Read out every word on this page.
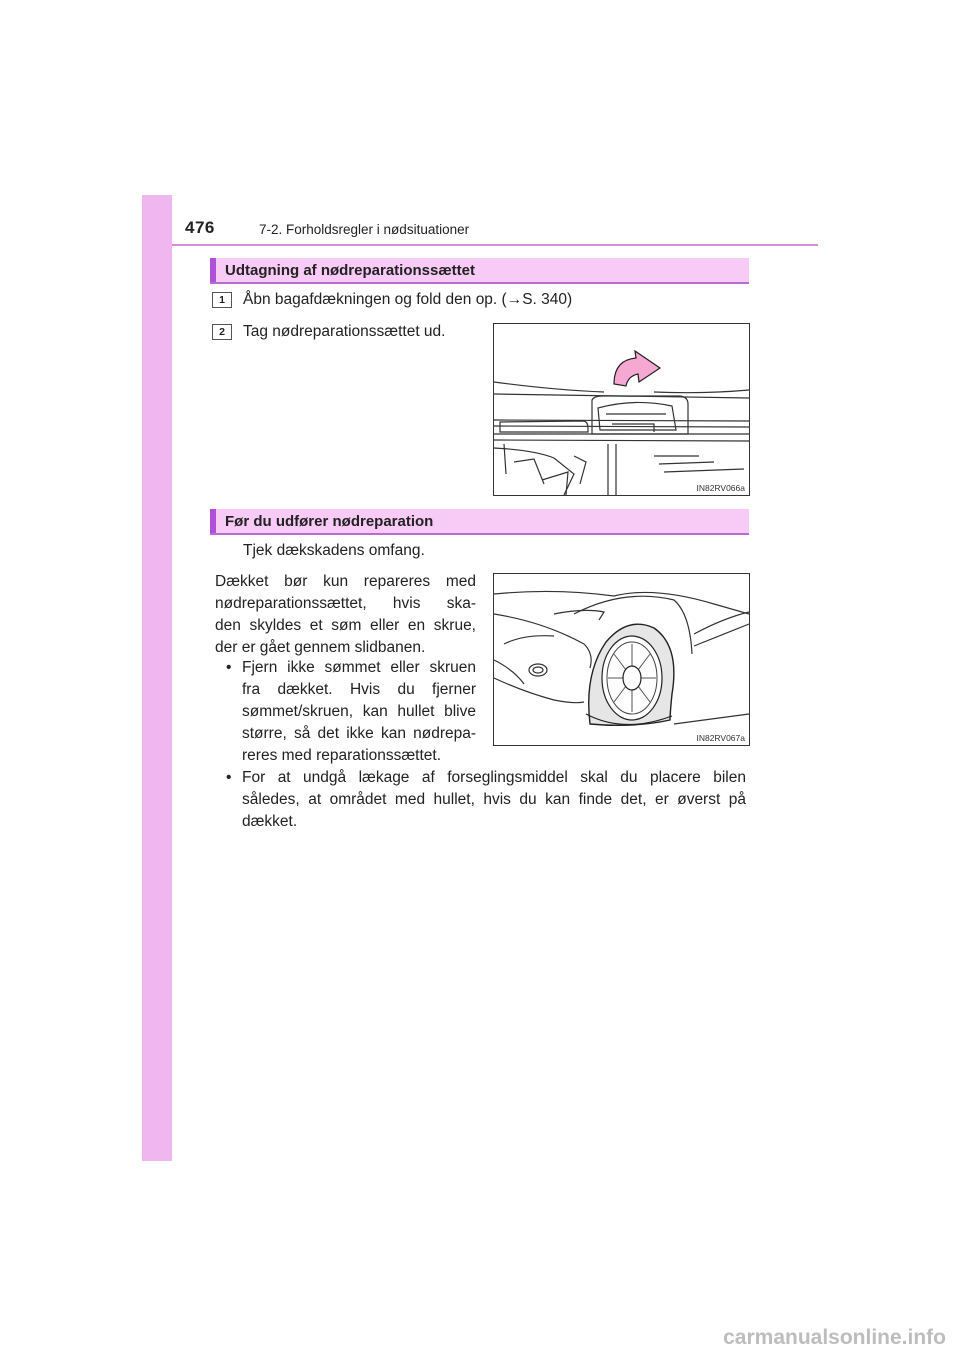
476	7-2. Forholdsregler i nødsituationer
Udtagning af nødreparationssættet
1	Åbn bagafdækningen og fold den op. (→S. 340)
2	Tag nødreparationssættet ud.
IN82RV066a
Før du udfører nødreparation
Tjek dækskadens omfang.
Dækket bør kun repareres med
nødreparationssættet, hvis ska-
den skyldes et søm eller en skrue,
der er gået gennem slidbanen.
• Fjern ikke sømmet eller skruen
fra dækket. Hvis du fjerner
sømmet/skruen, kan hullet blive
større, så det ikke kan nødrepa-
reres med reparationssættet.
• For at undgå lækage af forseglingsmiddel skal du placere bilen
således, at området med hullet, hvis du kan finde det, er øverst på
dækket.
IN82RV067a
carmanualsonline.info
